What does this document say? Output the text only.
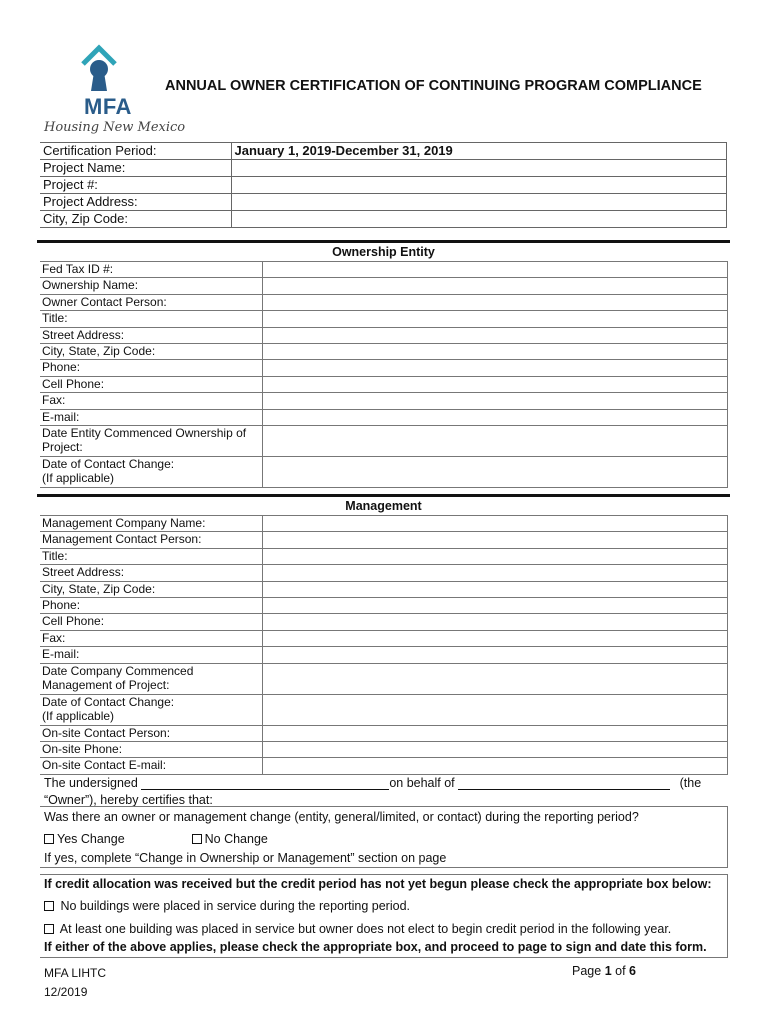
MFA
Housing New Mexico
ANNUAL OWNER CERTIFICATION OF CONTINUING PROGRAM COMPLIANCE
Certification Period:	January 1, 2019-December 31, 2019
Project Name:	
Project #:	
Project Address:	
City, Zip Code:	
Ownership Entity
Fed Tax ID #:	
Ownership Name:	
Owner Contact Person:	
Title:	
Street Address:	
City, State, Zip Code:	
Phone:	
Cell Phone:	
Fax:	
E-mail:	

Date Entity Commenced Ownership of
Project:	

Date of Contact Change:
(If applicable)	

Management
Management Company Name:	
Management Contact Person:	
Title:	
Street Address:	
City, State, Zip Code:	
Phone:	
Cell Phone:	
Fax:	
E-mail:	

Date Company Commenced
Management of Project:	

Date of Contact Change:
(If applicable)	

On-site Contact Person:	
On-site Phone:	
On-site Contact E-mail:	
The undersigned	on behalf of	(the
“Owner”), hereby certifies that:
Was there an owner or management change (entity, general/limited, or contact) during the reporting period?
Yes Change	No Change
If yes, complete “Change in Ownership or Management” section on page
If credit allocation was received but the credit period has not yet begun please check the appropriate box below:
No buildings were placed in service during the reporting period.
At least one building was placed in service but owner does not elect to begin credit period in the following year.
If either of the above applies, please check the appropriate box, and proceed to page to sign and date this form.
MFA LIHTC
12/2019
Page 1 of 6
